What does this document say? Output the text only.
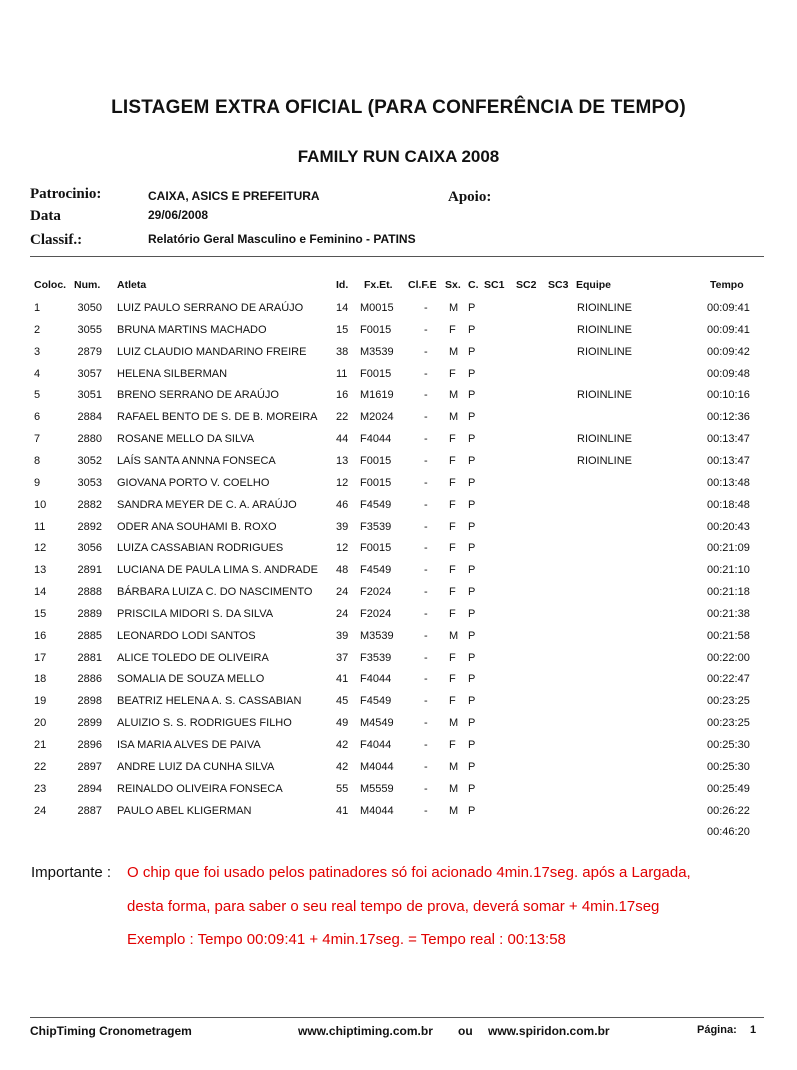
LISTAGEM EXTRA OFICIAL (PARA CONFERÊNCIA DE TEMPO)
FAMILY RUN CAIXA 2008
Patrocinio:	CAIXA, ASICS E PREFEITURA	Apoio:
Data	29/06/2008
Classif.:	Relatório Geral Masculino e Feminino - PATINS
Coloc. Num. Atleta	Id. Fx.Et. Cl.F.E Sx. C. SC1 SC2 SC3 Equipe	Tempo
1	3050 LUIZ PAULO SERRANO DE ARAÚJO	14 M0015	- M P	RIOINLINE	00:09:41
2	3055 BRUNA MARTINS MACHADO	15 F0015	- F P	RIOINLINE	00:09:41
3	2879 LUIZ CLAUDIO MANDARINO FREIRE	38 M3539	- M P	RIOINLINE	00:09:42
4	3057 HELENA SILBERMAN	11 F0015	- F P	00:09:48
5	3051 BRENO SERRANO DE ARAÚJO	16 M1619	- M P	RIOINLINE	00:10:16
6	2884 RAFAEL BENTO DE S. DE B. MOREIRA 22 M2024	- M P	00:12:36
7	2880 ROSANE MELLO DA SILVA	44 F4044	- F P	RIOINLINE	00:13:47
8	3052 LAÍS SANTA ANNNA FONSECA	13 F0015	- F P	RIOINLINE	00:13:47
9	3053 GIOVANA PORTO V. COELHO	12 F0015	- F P	00:13:48
10	2882 SANDRA MEYER DE C. A. ARAÚJO	46 F4549	- F P	00:18:48
11	2892 ODER ANA SOUHAMI B. ROXO	39 F3539	- F P	00:20:43
12	3056 LUIZA CASSABIAN RODRIGUES	12 F0015	- F P	00:21:09
13	2891 LUCIANA DE PAULA LIMA S. ANDRADE 48 F4549	- F P	00:21:10
14	2888 BÁRBARA LUIZA C. DO NASCIMENTO 24 F2024	- F P	00:21:18
15	2889 PRISCILA MIDORI S. DA SILVA	24 F2024	- F P	00:21:38
16	2885 LEONARDO LODI SANTOS	39 M3539	- M P	00:21:58
17	2881 ALICE TOLEDO DE OLIVEIRA	37 F3539	- F P	00:22:00
18	2886 SOMALIA DE SOUZA MELLO	41 F4044	- F P	00:22:47
19	2898 BEATRIZ HELENA A. S. CASSABIAN	45 F4549	- F P	00:23:25
20	2899 ALUIZIO S. S. RODRIGUES FILHO	49 M4549	- M P	00:23:25
21	2896 ISA MARIA ALVES DE PAIVA	42 F4044	- F P	00:25:30
22	2897 ANDRE LUIZ DA CUNHA SILVA	42 M4044	- M P	00:25:30
23	2894 REINALDO OLIVEIRA FONSECA	55 M5559	- M P	00:25:49
24	2887 PAULO ABEL KLIGERMAN	41 M4044	- M P	00:26:22
00:46:20
Importante : O chip que foi usado pelos patinadores só foi acionado 4min.17seg. após a Largada,
desta forma, para saber o seu real tempo de prova, deverá somar + 4min.17seg
Exemplo : Tempo 00:09:41 + 4min.17seg. = Tempo real : 00:13:58
ChipTiming Cronometragem	www.chiptiming.com.br ou www.spiridon.com.br	Página: 1
